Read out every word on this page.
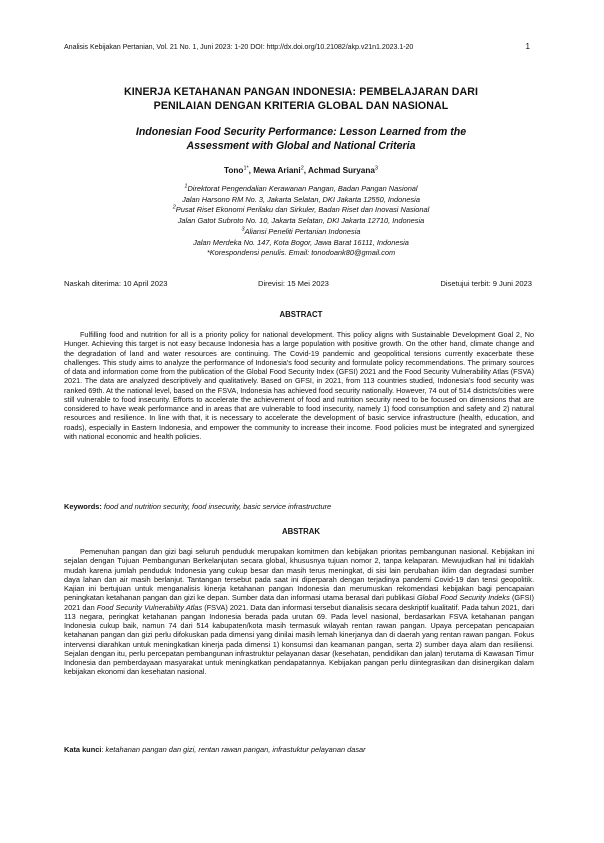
Analisis Kebijakan Pertanian, Vol. 21 No. 1, Juni 2023: 1-20 DOI: http://dx.doi.org/10.21082/akp.v21n1.2023.1-20	1
KINERJA KETAHANAN PANGAN INDONESIA: PEMBELAJARAN DARI
PENILAIAN DENGAN KRITERIA GLOBAL DAN NASIONAL
Indonesian Food Security Performance: Lesson Learned from the
Assessment with Global and National Criteria
Tono$^{1*}$, Mewa Ariani$^2$, Achmad Suryana$^3$
$^1$Direktorat Pengendalian Kerawanan Pangan, Badan Pangan Nasional
Jalan Harsono RM No. 3, Jakarta Selatan, DKI Jakarta 12550, Indonesia
$^2$Pusat Riset Ekonomi Perilaku dan Sirkuler, Badan Riset dan Inovasi Nasional
Jalan Gatot Subroto No. 10, Jakarta Selatan, DKI Jakarta 12710, Indonesia
$^3$Aliansi Peneliti Pertanian Indonesia
Jalan Merdeka No. 147, Kota Bogor, Jawa Barat 16111, Indonesia
*Korespondensi penulis. Email: tonodoank80@gmail.com
Naskah diterima: 10 April 2023	Direvisi: 15 Mei 2023	Disetujui terbit: 9 Juni 2023
ABSTRACT

Fulfilling food and nutrition for all is a priority policy for national development. This policy aligns with Sustainable Development Goal 2, No Hunger. Achieving this target is not easy because Indonesia has a large population with positive growth. On the other hand, climate change and the degradation of land and water resources are continuing. The Covid-19 pandemic and geopolitical tensions currently exacerbate these challenges. This study aims to analyze the performance of Indonesia's food security and formulate policy recommendations. The primary sources of data and information come from the publication of the Global Food Security Index (GFSI) 2021 and the Food Security Vulnerability Atlas (FSVA) 2021. The data are analyzed descriptively and qualitatively. Based on GFSI, in 2021, from 113 countries studied, Indonesia's food security was ranked 69th. At the national level, based on the FSVA, Indonesia has achieved food security nationally. However, 74 out of 514 districts/cities were still vulnerable to food insecurity. Efforts to accelerate the achievement of food and nutrition security need to be focused on dimensions that are considered to have weak performance and in areas that are vulnerable to food insecurity, namely 1) food consumption and safety and 2) natural resources and resilience. In line with that, it is necessary to accelerate the development of basic service infrastructure (health, education, and roads), especially in Eastern Indonesia, and empower the community to increase their income. Food policies must be integrated and synergized with national economic and health policies.

Keywords: food and nutrition security, food insecurity, basic service infrastructure
ABSTRAK

Pemenuhan pangan dan gizi bagi seluruh penduduk merupakan komitmen dan kebijakan prioritas pembangunan nasional. Kebijakan ini sejalan dengan Tujuan Pembangunan Berkelanjutan secara global, khususnya tujuan nomor 2, tanpa kelaparan. Mewujudkan hal ini tidaklah mudah karena jumlah penduduk Indonesia yang cukup besar dan masih terus meningkat, di sisi lain perubahan iklim dan degradasi sumber daya lahan dan air masih berlanjut. Tantangan tersebut pada saat ini diperparah dengan terjadinya pandemi Covid-19 dan tensi geopolitik. Kajian ini bertujuan untuk menganalisis kinerja ketahanan pangan Indonesia dan merumuskan rekomendasi kebijakan bagi pencapaian peningkatan ketahanan pangan dan gizi ke depan. Sumber data dan informasi utama berasal dari publikasi Global Food Security Indeks (GFSI) 2021 dan Food Security Vulnerability Atlas (FSVA) 2021. Data dan informasi tersebut dianalisis secara deskriptif kualitatif. Pada tahun 2021, dari 113 negara, peringkat ketahanan pangan Indonesia berada pada urutan 69. Pada level nasional, berdasarkan FSVA ketahanan pangan Indonesia cukup baik, namun 74 dari 514 kabupaten/kota masih termasuk wilayah rentan rawan pangan. Upaya percepatan pencapaian ketahanan pangan dan gizi perlu difokuskan pada dimensi yang dinilai masih lemah kinerjanya dan di daerah yang rentan rawan pangan. Fokus intervensi diarahkan untuk meningkatkan kinerja pada dimensi 1) konsumsi dan keamanan pangan, serta 2) sumber daya alam dan resiliensi. Sejalan dengan itu, perlu percepatan pembangunan infrastruktur pelayanan dasar (kesehatan, pendidikan dan jalan) terutama di Kawasan Timur Indonesia dan pemberdayaan masyarakat untuk meningkatkan pendapatannya. Kebijakan pangan perlu diintegrasikan dan disinergikan dalam kebijakan ekonomi dan kesehatan nasional.

Kata kunci: ketahanan pangan dan gizi, rentan rawan pangan, infrastuktur pelayanan dasar
